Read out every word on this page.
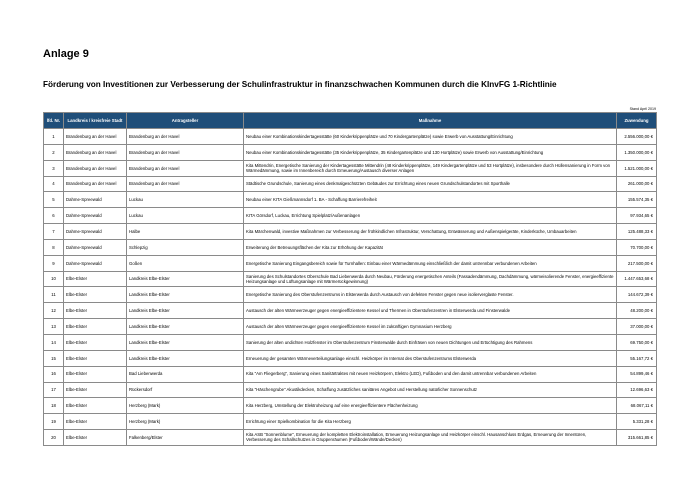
Anlage 9
Förderung von Investitionen zur Verbesserung der Schulinfrastruktur in finanzschwachen Kommunen durch die KInvFG 1-Richtlinie
Stand April 2019
lfd. Nr.	Landkreis / kreisfreie Stadt	Antragsteller	Maßnahme	Zuwendung
1	Brandenburg an der Havel	Brandenburg an der Havel	Neubau einer Kombinationskindertagesstätte (60 Kinderkrippenplätze und 70 Kindergartenplätze) sowie Erwerb von Ausstattung/Einrichtung	2.556.000,00 €
2	Brandenburg an der Havel	Brandenburg an der Havel	Neubau einer Kombinationskindertagesstätte (35 Kinderkrippenplätze, 35 Kindergartenplätze und 130 Hortplätze) sowie Erwerb von Ausstattung/Einrichtung	1.350.000,00 €
3	Brandenburg an der Havel	Brandenburg an der Havel	Kita Mittendrin, Energetische Sanierung der Kindertagesstätte Mittendrin (48 Kinderkrippenplätze, 149 Kindergartenplätze und 53 Hortplätze), insbesondere durch Hüllensanierung in Form von Wärmedämmung, sowie im Innenbereich durch Erneuerung/Austausch diverser Anlagen	1.521.000,00 €
4	Brandenburg an der Havel	Brandenburg an der Havel	Städtische Grundschule, Sanierung eines denkmalgeschützten Gebäudes zur Errichtung eines neuen Grundschulstandortes mit Sporthalle	261.000,00 €
5	Dahme-Spreewald	Luckau	Neubau einer KITA Gießmannsdorf 1. BA - Schaffung Barrierefreiheit	155.574,35 €
6	Dahme-Spreewald	Luckau	KITA Görsdorf, Luckau, Errichtung Spielplatz/Außenanlagen	97.934,65 €
7	Dahme-Spreewald	Halbe	Kita Märchenwald, investive Maßnahmen zur Verbesserung der frühkindlichen Infrastruktur, Verschattung, Entwässerung und Außenspielgeräte, Kinderküche, Umbauarbeiten	125.488,33 €
8	Dahme-Spreewald	Schlepzig	Erweiterung der Betreuungsflächen der Kita zur Erhöhung der Kapazität	70.700,00 €
9	Dahme-Spreewald	Goßen	Energetische Sanierung Eingangsbereich sowie für Turnhallen: Einbau einer Wärmedämmung einschließlich der damit untrennbar verbundenen Arbeiten	217.500,00 €
10	Elbe-Elster	Landkreis Elbe-Elster	Sanierung des Schulstandortes Oberschule Bad Liebenwerda durch Neubau, Förderung energetischen Anteils (Fassadendämmung, Dachdämmung, wärmeisolierende Fenster, energieeffiziente Heizungsanlage und Lüftungsanlage mit Wärmerückgewinnung)	1.447.653,68 €
11	Elbe-Elster	Landkreis Elbe-Elster	Energetische Sanierung des Oberstufenzentrums in Elsterwerda durch Austausch von defekten Fenster gegen neue isolierverglaste Fenster.	144.672,39 €
12	Elbe-Elster	Landkreis Elbe-Elster	Austausch der alten Wärmeerzeuger gegen energieeffizientere Kessel und Thermen in Oberstufenzentren in Elsterwerda und Finsterwalde	48.200,00 €
13	Elbe-Elster	Landkreis Elbe-Elster	Austausch der alten Wärmeerzeuger gegen energieeffizientere Kessel im zukünftigen Gymnasium Herzberg	37.000,00 €
14	Elbe-Elster	Landkreis Elbe-Elster	Sanierung der alten undichten Holzfenster im Oberstufenzentrum Finsterwalde durch Einfräsen von neuen Dichtungen und Ertüchtigung des Rahmens	69.750,00 €
15	Elbe-Elster	Landkreis Elbe-Elster	Erneuerung der gesamten Wärmeverteilungsanlage einschl. Heizkörper im Internat des Oberstufenzentrums Elsterwerda	55.167,72 €
16	Elbe-Elster	Bad Liebenwerda	Kita "Am Fliegerberg", Sanierung eines Sanitärtraktes mit neuen Heizkörpern, Elektro (LED), Fußboden und den damit untrennbar verbundenen Arbeiten	54.899,46 €
17	Elbe-Elster	Rückersdorf	Kita "Häschengrube" Akustikdecken, Schaffung zusätzliches sanitäres Angebot und Herstellung natürlicher Sonnenschutz	12.696,63 €
18	Elbe-Elster	Herzberg (Mark)	Kita Herzberg, Umstellung der Elektroheizung auf eine energieeffizientere Flächenheizung	68.067,11 €
19	Elbe-Elster	Herzberg (Mark)	Errichtung einer Spielkombination für die Kita Herzberg	5.331,28 €
20	Elbe-Elster	Falkenberg/Elster	Kita ASB "Sonnenblume", Erneuerung der kompletten Elektroinstallation, Erneuerung Heizungsanlage und Heizkörper einschl. Hausanschluss Erdgas, Erneuerung der Innentüren, Verbesserung des Schallschutzes in Gruppenräumen (Fußboden/Wände/Decken)	315.661,85 €
